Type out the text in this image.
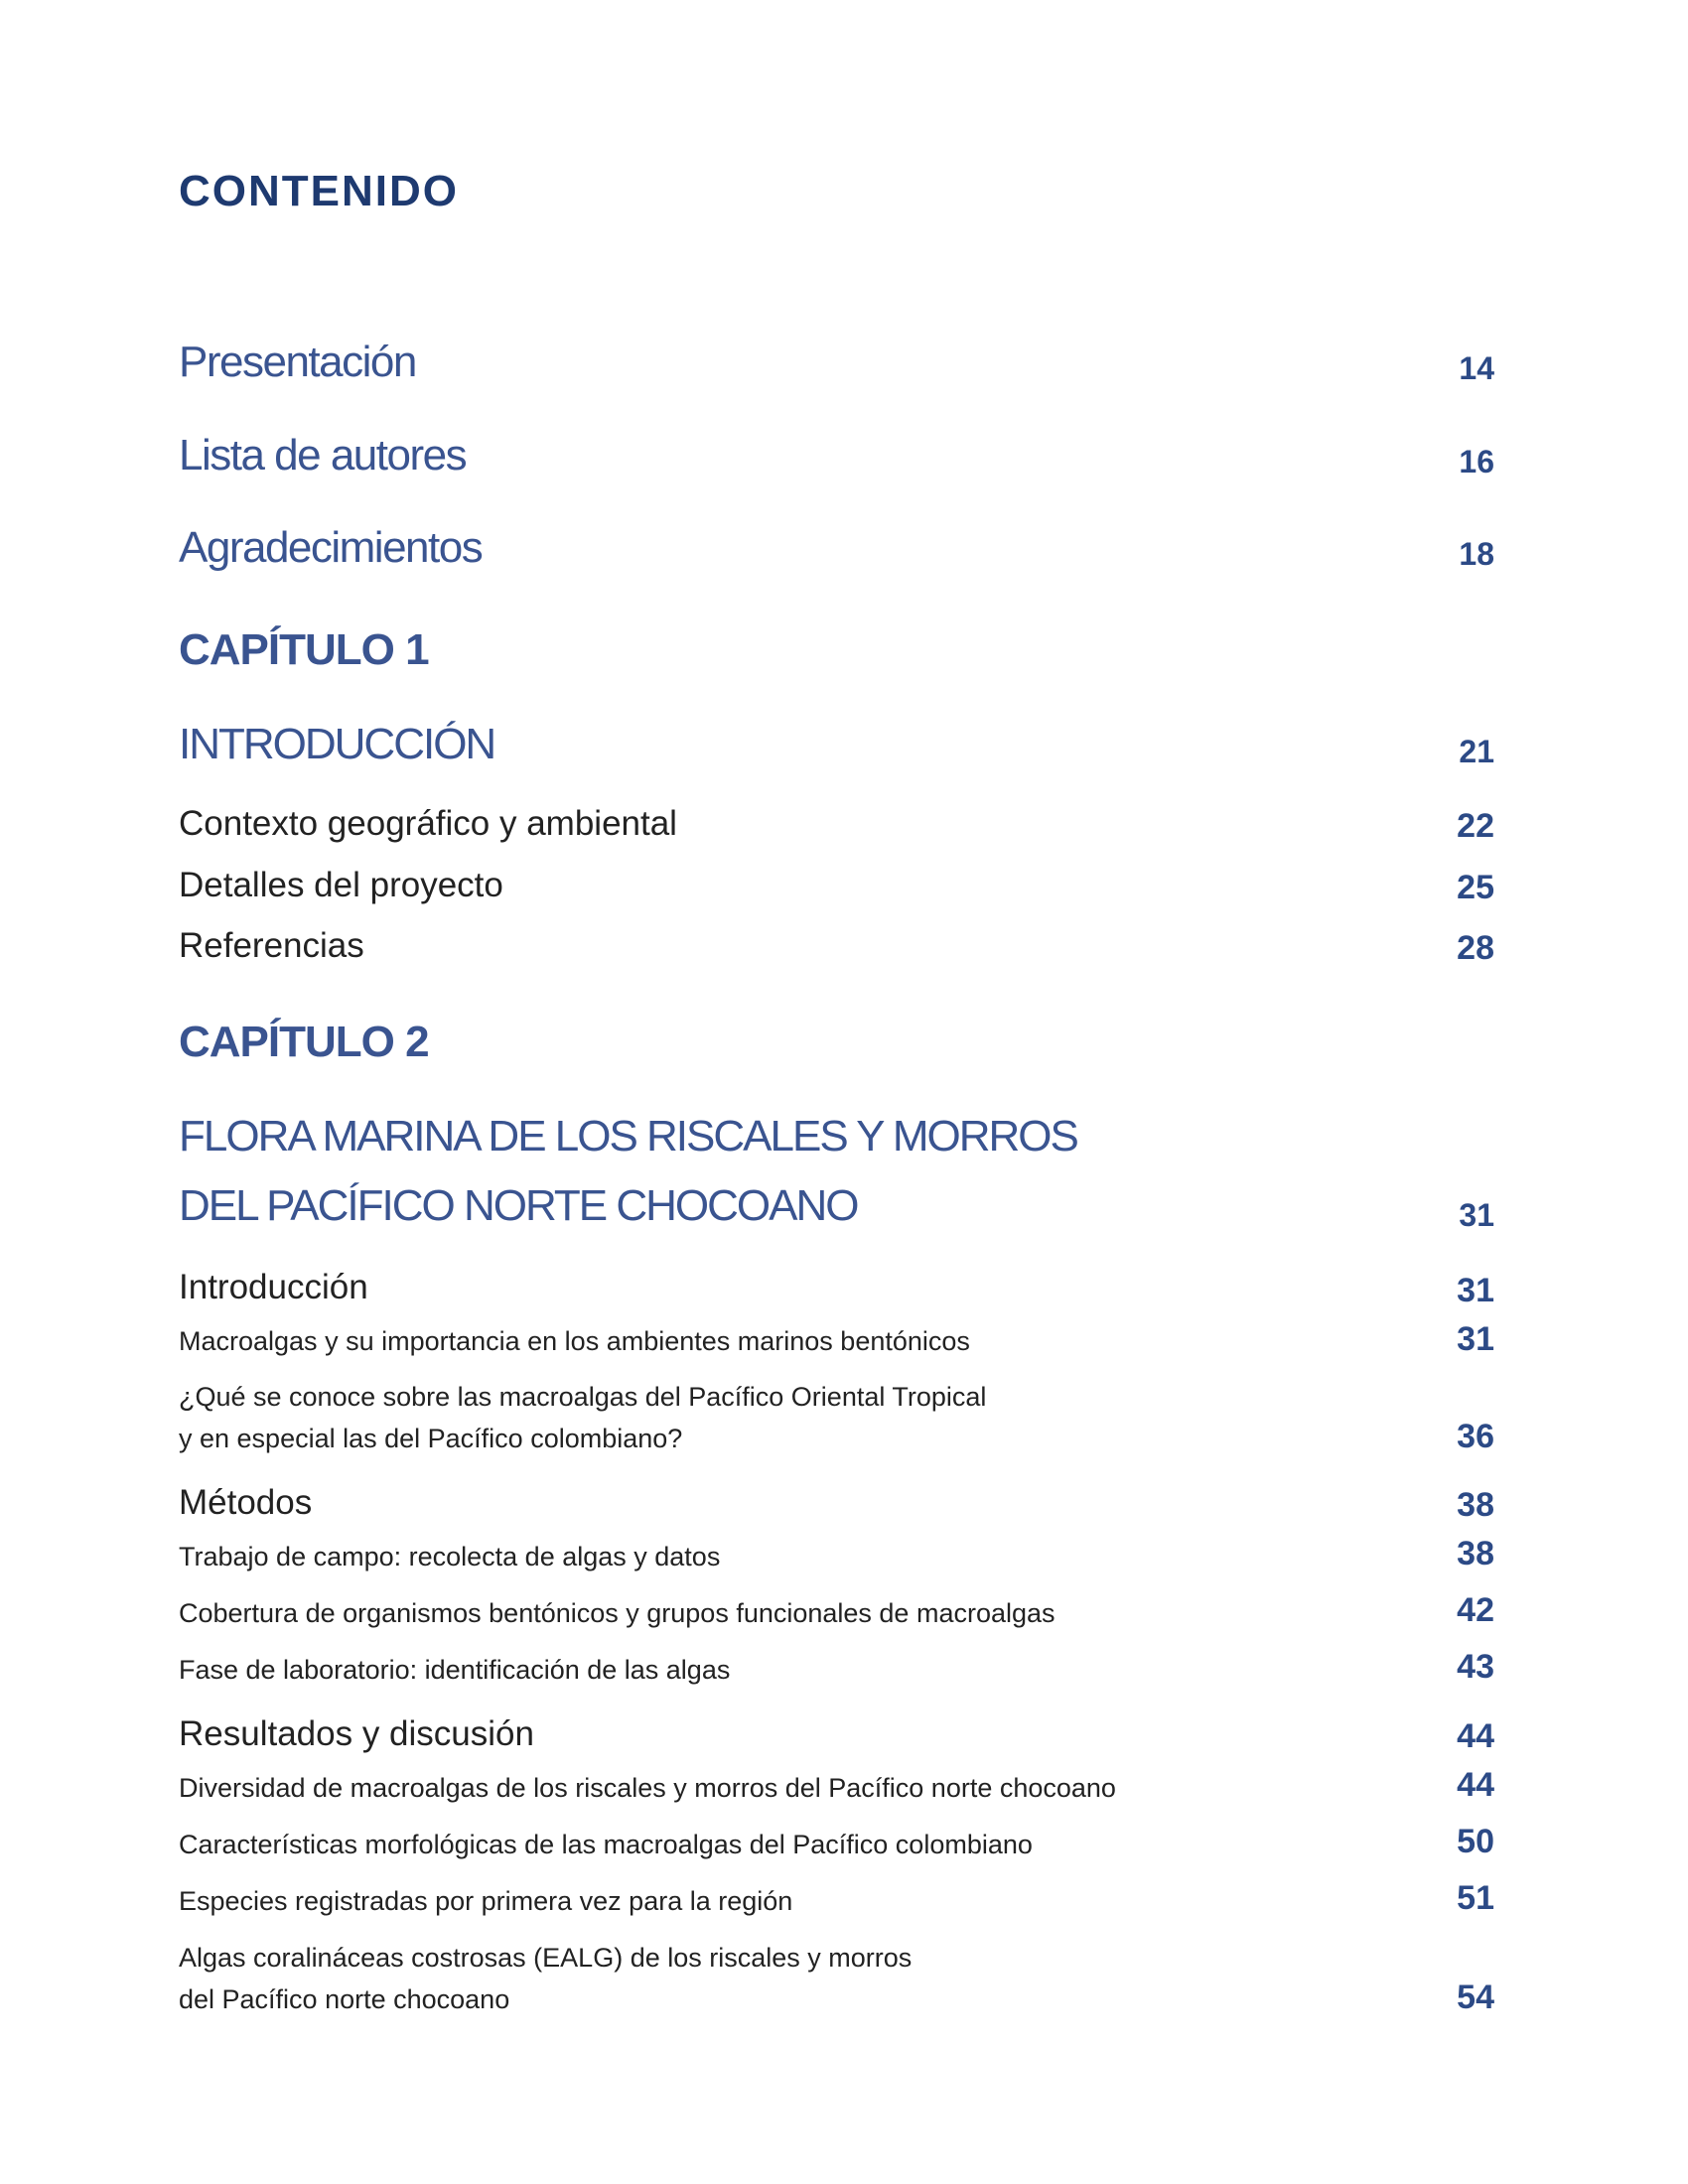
CONTENIDO
Presentación	14
Lista de autores	16
Agradecimientos	18
CAPÍTULO 1
INTRODUCCIÓN	21
Contexto geográfico y ambiental	22
Detalles del proyecto	25
Referencias	28
CAPÍTULO 2
FLORA MARINA DE LOS RISCALES Y MORROS
DEL PACÍFICO NORTE CHOCOANO	31
Introducción	31
Macroalgas y su importancia en los ambientes marinos bentónicos	31
¿Qué se conoce sobre las macroalgas del Pacífico Oriental Tropical
y en especial las del Pacífico colombiano?	36
Métodos	38
Trabajo de campo: recolecta de algas y datos	38
Cobertura de organismos bentónicos y grupos funcionales de macroalgas	42
Fase de laboratorio: identificación de las algas	43
Resultados y discusión	44
Diversidad de macroalgas de los riscales y morros del Pacífico norte chocoano	44
Características morfológicas de las macroalgas del Pacífico colombiano	50
Especies registradas por primera vez para la región	51
Algas coralináceas costrosas (EALG) de los riscales y morros
del Pacífico norte chocoano	54
